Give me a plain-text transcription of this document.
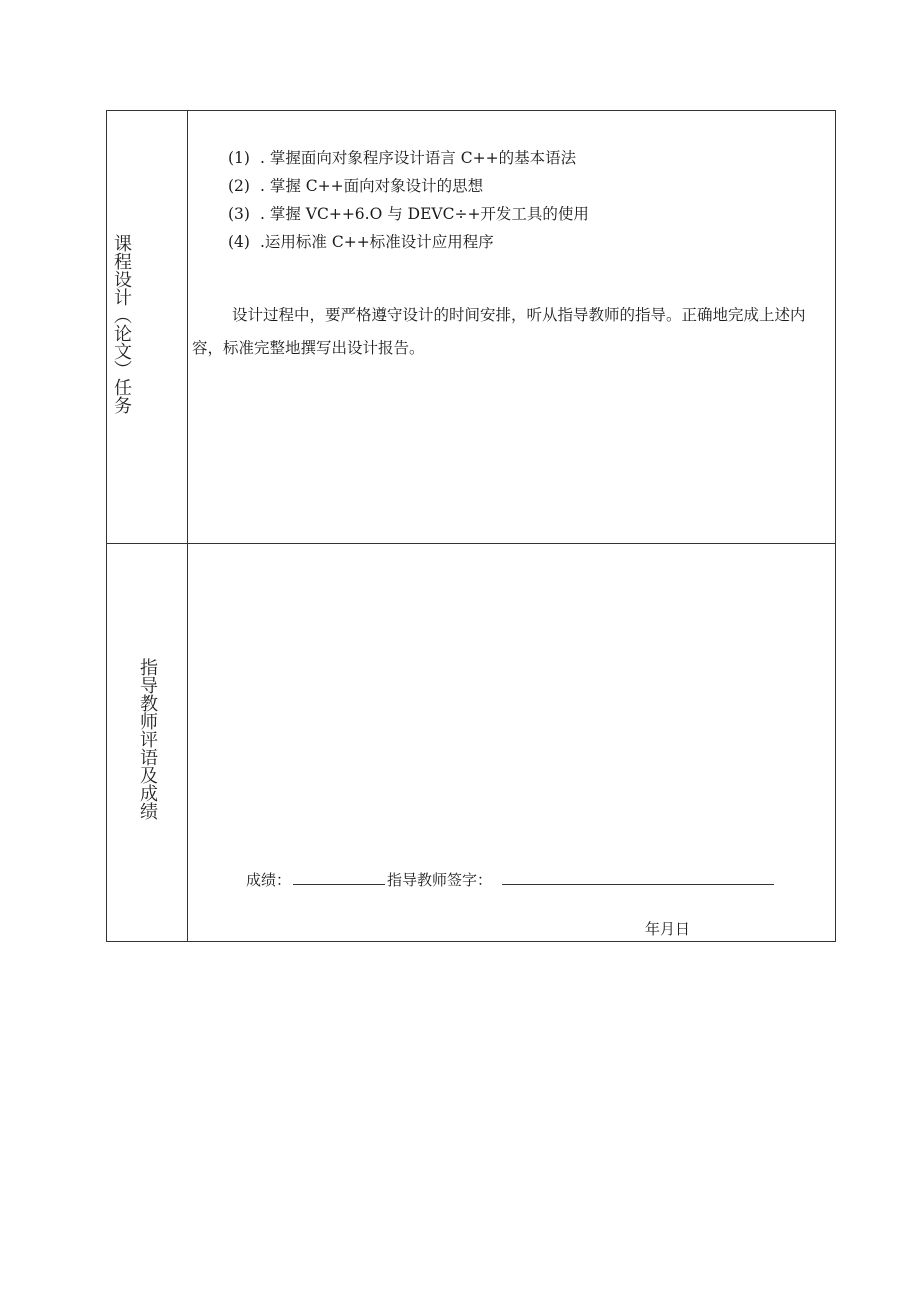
课程设计（论文）任务
(1) . 掌握面向对象程序设计语言 C++的基本语法
(2) . 掌握 C++面向对象设计的思想
(3) . 掌握 VC++6.O 与 DEVC÷+开发工具的使用
(4) .运用标准 C++标准设计应用程序
设计过程中，要严格遵守设计的时间安排，听从指导教师的指导。正确地完成上述内容，标准完整地撰写出设计报告。
指导教师评语及成绩
成绩：	指导教师签字：
年月日
